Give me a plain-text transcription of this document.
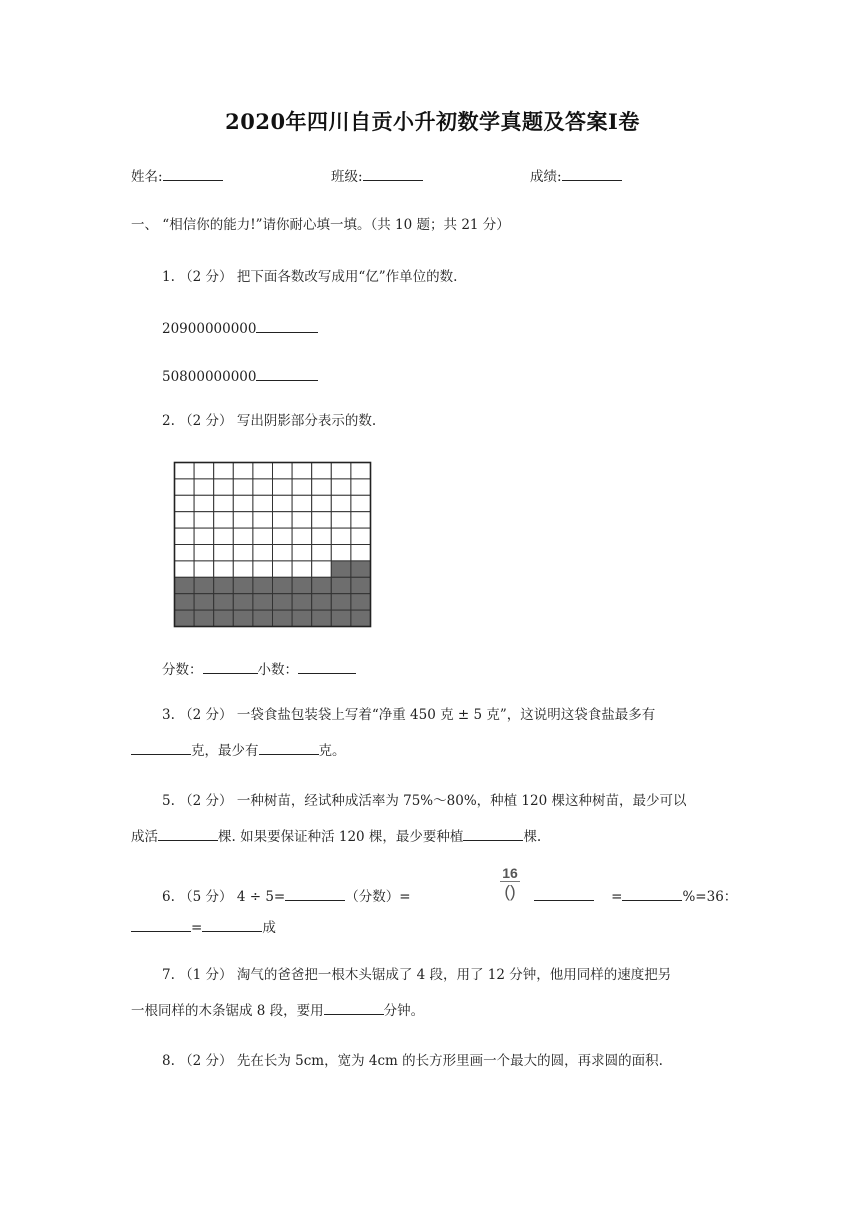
2020年四川自贡小升初数学真题及答案Ⅰ卷
姓名:	班级:	成绩:
一、 “相信你的能力!”请你耐心填一填。（共 10 题；共 21 分）
1. （2 分） 把下面各数改写成用“亿”作单位的数.
20900000000
50800000000
2. （2 分） 写出阴影部分表示的数.
分数：	小数：
3. （2 分） 一袋食盐包装袋上写着“净重 450 克 ± 5 克”，这说明这袋食盐最多有
克，最少有	克。
5. （2 分） 一种树苗，经试种成活率为 75%～80%，种植 120 棵这种树苗，最少可以
成活	棵. 如果要保证种活 120 棵，最少要种植	棵.
6. （5 分） 4 ÷ 5=	（分数）=
16
()	=	%=36：
=	成
7. （1 分） 淘气的爸爸把一根木头锯成了 4 段，用了 12 分钟，他用同样的速度把另
一根同样的木条锯成 8 段，要用	分钟。
8. （2 分） 先在长为 5cm，宽为 4cm 的长方形里画一个最大的圆，再求圆的面积.
